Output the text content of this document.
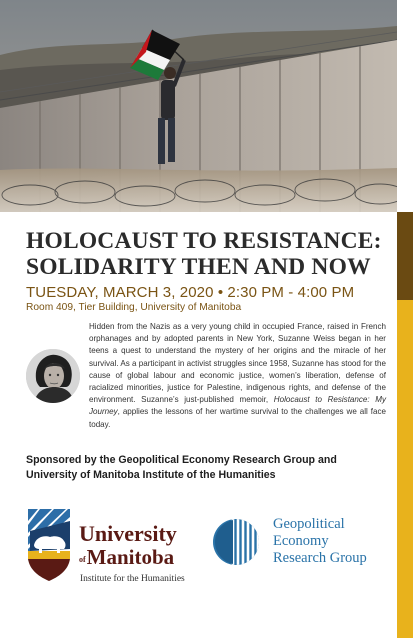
HOLOCAUST TO RESISTANCE:
SOLIDARITY THEN AND NOW
TUESDAY, MARCH 3, 2020 • 2:30 PM - 4:00 PM
Room 409, Tier Building, University of Manitoba
Hidden from the Nazis as a very young child in occupied France, raised in French orphanages and by adopted parents in New York, Suzanne Weiss began in her teens a quest to understand the mystery of her origins and the miracle of her survival. As a participant in activist struggles since 1958, Suzanne has stood for the cause of global labour and economic justice, women’s liberation, defense of racialized minorities, justice for Palestine, indigenous rights, and defense of the environment. Suzanne’s just-published memoir, Holocaust to Resistance: My Journey, applies the lessons of her wartime survival to the challenges we all face today.
Sponsored by the Geopolitical Economy Research Group and
University of Manitoba Institute of the Humanities
University
ofManitoba
Institute for the Humanities
Geopolitical
Economy
Research Group
